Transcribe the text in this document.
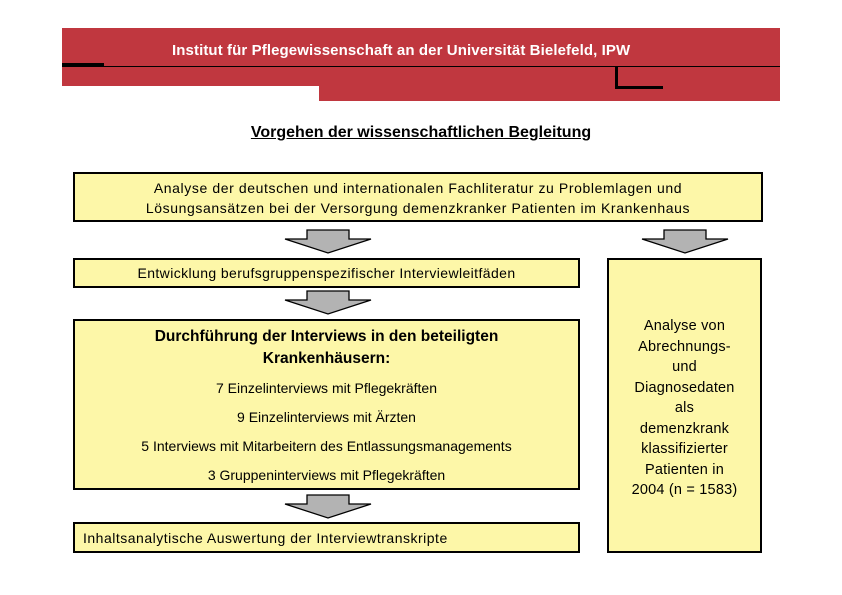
Institut für Pflegewissenschaft an der Universität Bielefeld, IPW
Vorgehen der wissenschaftlichen Begleitung
Analyse der deutschen und internationalen Fachliteratur zu Problemlagen und
Lösungsansätzen bei der Versorgung demenzkranker Patienten im Krankenhaus
Entwicklung berufsgruppenspezifischer Interviewleitfäden
Durchführung der Interviews in den beteiligten
Krankenhäusern:
7 Einzelinterviews mit Pflegekräften
9 Einzelinterviews mit Ärzten
5 Interviews mit Mitarbeitern des Entlassungsmanagements
3 Gruppeninterviews mit Pflegekräften
Inhaltsanalytische Auswertung der Interviewtranskripte
Analyse von
Abrechnungs-
und
Diagnosedaten
als
demenzkrank
klassifizierter
Patienten in
2004 (n = 1583)
